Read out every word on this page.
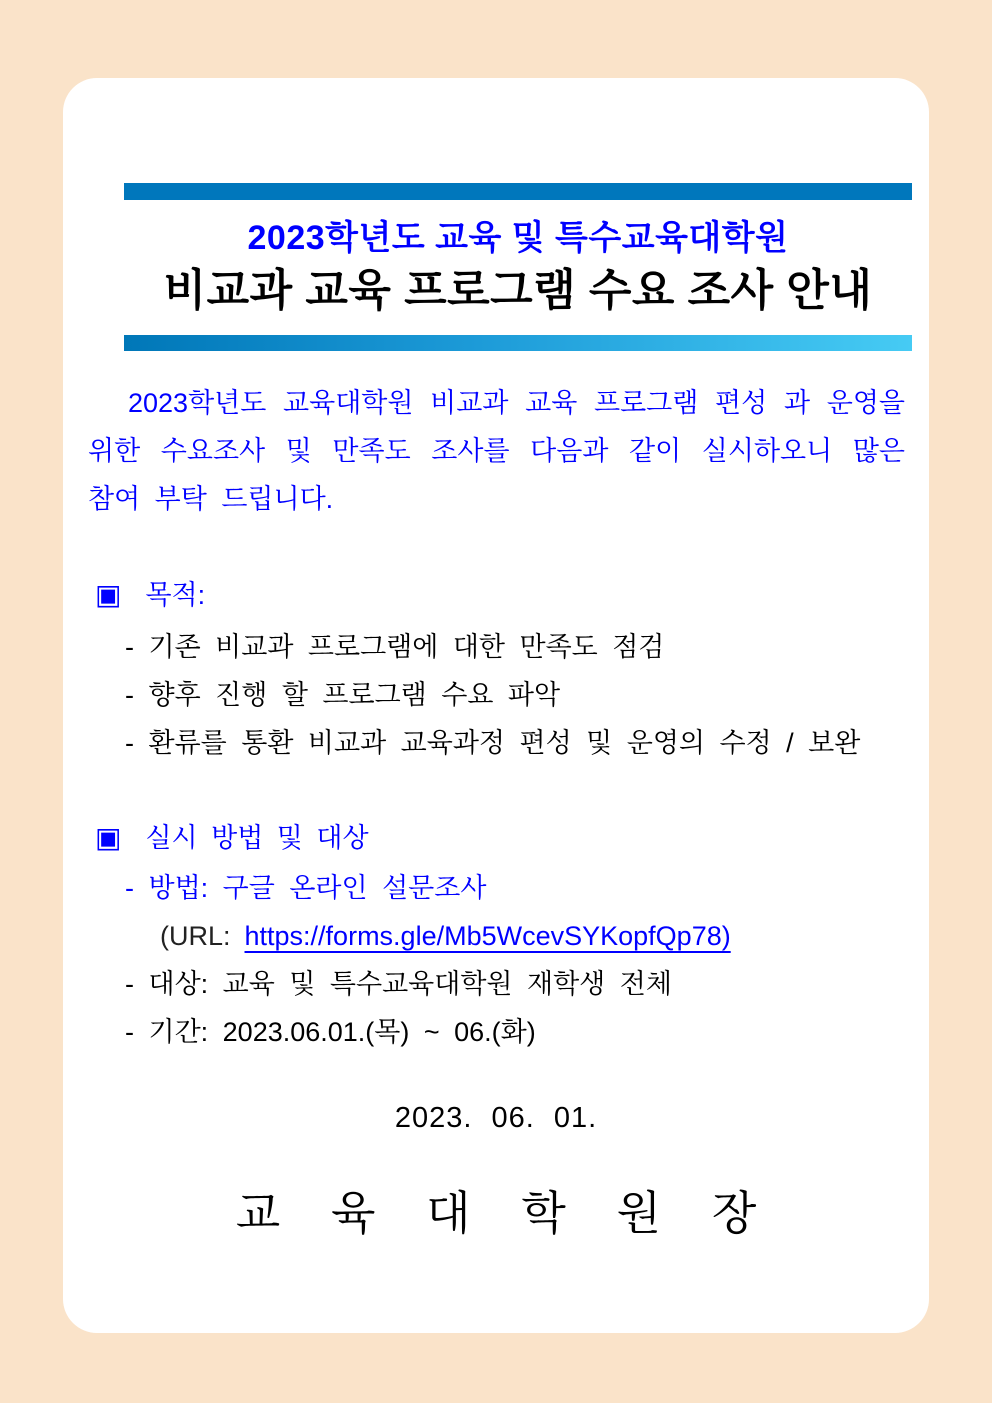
2023학년도 교육 및 특수교육대학원
비교과 교육 프로그램 수요 조사 안내

2023학년도 교육대학원 비교과 교육 프로그램 편성 과 운영을 위한 수요조사 및 만족도 조사를 다음과 같이 실시하오니 많은 참여 부탁 드립니다.

▣ 목적:
- 기존 비교과 프로그램에 대한 만족도 점검
- 향후 진행 할 프로그램 수요 파악
- 환류를 통환 비교과 교육과정 편성 및 운영의 수정 / 보완
▣ 실시 방법 및 대상
- 방법: 구글 온라인 설문조사
(URL: https://forms.gle/Mb5WcevSYKopfQp78)
- 대상: 교육 및 특수교육대학원 재학생 전체
- 기간: 2023.06.01.(목) ~ 06.(화)
2023. 06. 01.
교 육 대 학 원 장
